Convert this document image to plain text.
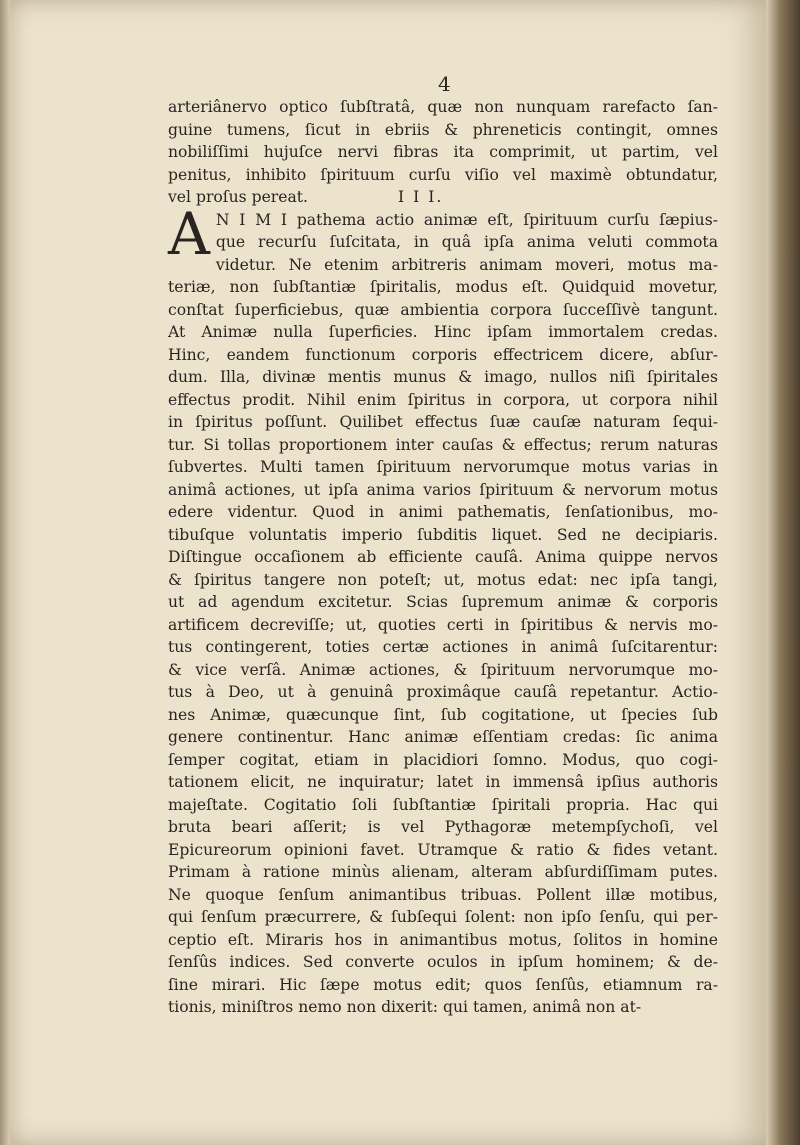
4
arteriânervo optico ſubſtratâ, quæ non nunquam rarefacto ſan-
guine tumens, ſicut in ebriis & phreneticis contingit, omnes
nobiliſſimi hujuſce nervi fibras ita comprimit, ut partim, vel
penitus, inhibito ſpirituum curſu viſio vel maximè obtundatur,
vel proſus pereat.	I I I.
A N I M I pathema actio animæ eſt, ſpirituum curſu ſæpius-
que recurſu ſuſcitata, in quâ ipſa anima veluti commota
videtur. Ne etenim arbitreris animam moveri, motus ma-
teriæ, non ſubſtantiæ ſpiritalis, modus eſt. Quidquid movetur,
conſtat ſuperficiebus, quæ ambientia corpora ſucceſſivè tangunt.
At Animæ nulla ſuperficies. Hinc ipſam immortalem credas.
Hinc, eandem functionum corporis effectricem dicere, abſur-
dum. Illa, divinæ mentis munus & imago, nullos niſi ſpiritales
effectus prodit. Nihil enim ſpiritus in corpora, ut corpora nihil
in ſpiritus poſſunt. Quilibet effectus ſuæ cauſæ naturam ſequi-
tur. Si tollas proportionem inter cauſas & effectus; rerum naturas
ſubvertes. Multi tamen ſpirituum nervorumque motus varias in
animâ actiones, ut ipſa anima varios ſpirituum & nervorum motus
edere videntur. Quod in animi pathematis, ſenſationibus, mo-
tibuſque voluntatis imperio ſubditis liquet. Sed ne decipiaris.
Diſtingue occaſionem ab efficiente cauſâ. Anima quippe nervos
& ſpiritus tangere non poteſt; ut, motus edat: nec ipſa tangi,
ut ad agendum excitetur. Scias ſupremum animæ & corporis
artificem decreviſſe; ut, quoties certi in ſpiritibus & nervis mo-
tus contingerent, toties certæ actiones in animâ ſuſcitarentur:
& vice verſâ. Animæ actiones, & ſpirituum nervorumque mo-
tus à Deo, ut à genuinâ proximâque cauſâ repetantur. Actio-
nes Animæ, quæcunque ſint, ſub cogitatione, ut ſpecies ſub
genere continentur. Hanc animæ eſſentiam credas: ſic anima
ſemper cogitat, etiam in placidiori ſomno. Modus, quo cogi-
tationem elicit, ne inquiratur; latet in immensâ ipſius authoris
majeſtate. Cogitatio ſoli ſubſtantiæ ſpiritali propria. Hac qui
bruta beari aſſerit; is vel Pythagoræ metempſychoſi, vel
Epicureorum opinioni favet. Utramque & ratio & fides vetant.
Primam à ratione minùs alienam, alteram abſurdiſſimam putes.
Ne quoque ſenſum animantibus tribuas. Pollent illæ motibus,
qui ſenſum præcurrere, & ſubſequi ſolent: non ipſo ſenſu, qui per-
ceptio eſt. Miraris hos in animantibus motus, ſolitos in homine
ſenſûs indices. Sed converte oculos in ipſum hominem; & de-
ſine mirari. Hic ſæpe motus edit; quos ſenſûs, etiamnum ra-
tionis, miniſtros nemo non dixerit: qui tamen, animâ non at-
